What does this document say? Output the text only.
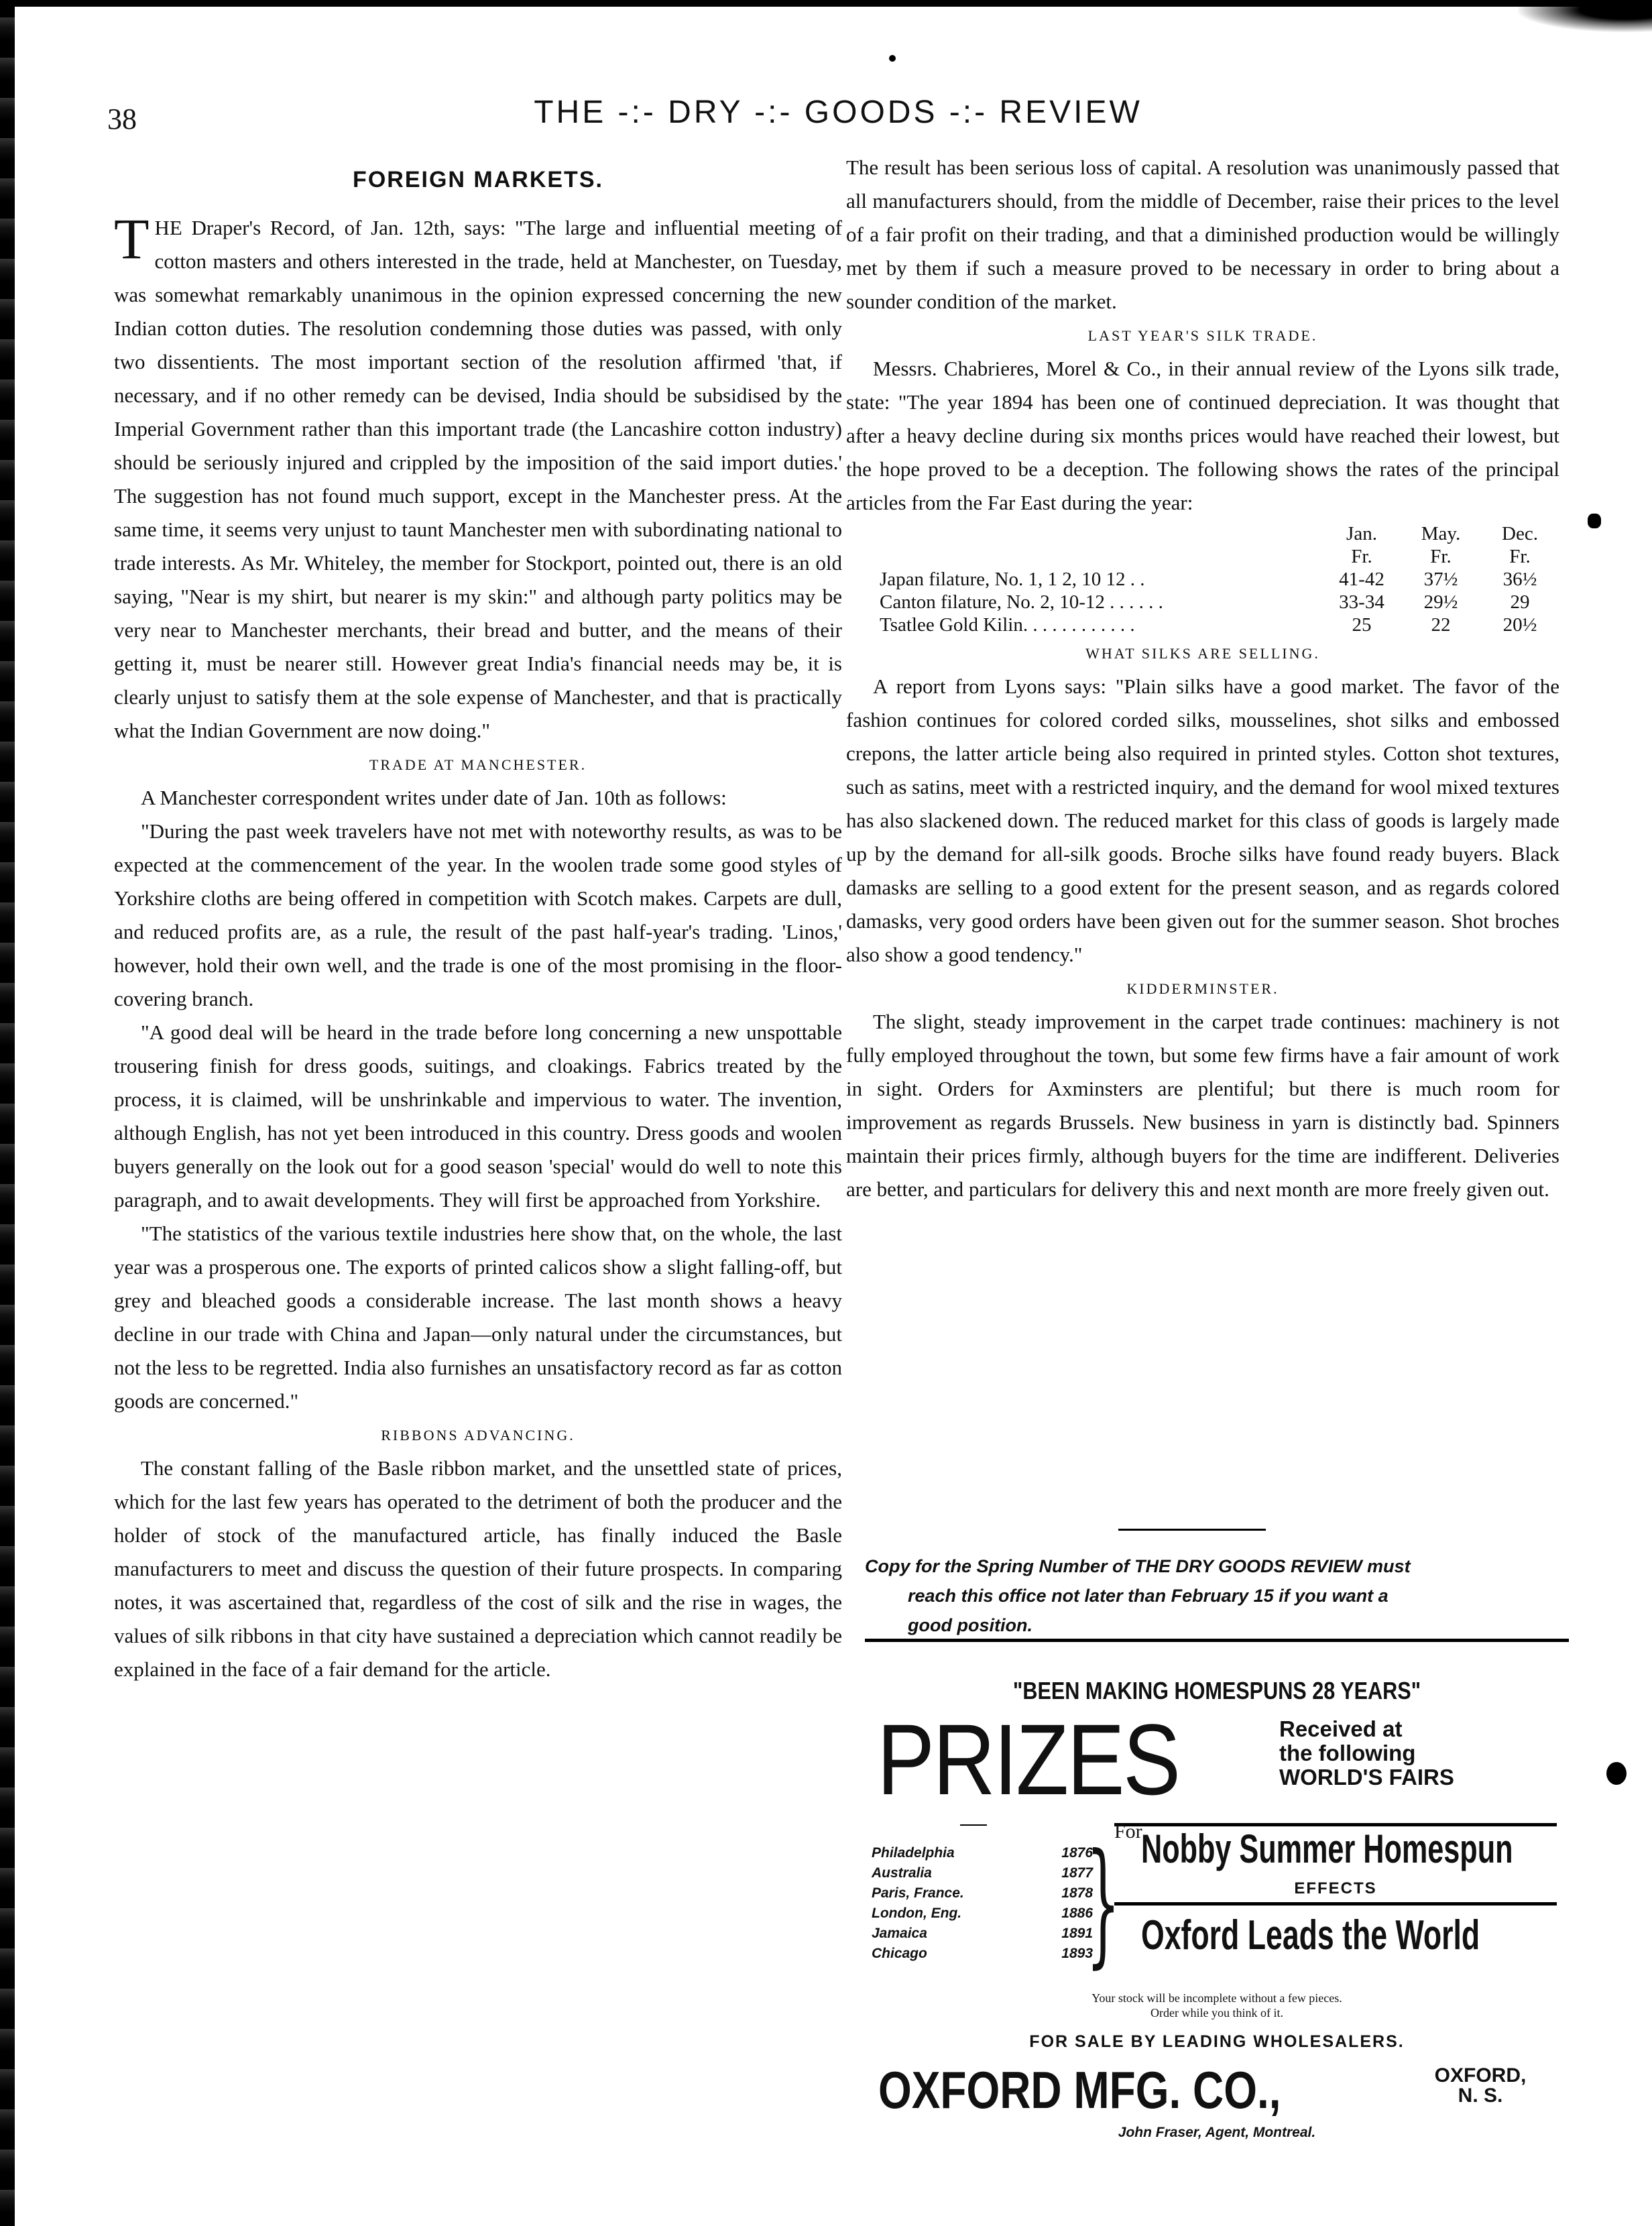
38	THE -:- DRY -:- GOODS -:- REVIEW
FOREIGN MARKETS.
T HE Draper's Record, of Jan. 12th, says: "The large and influential meeting of cotton masters and others interested in the trade, held at Manchester, on Tuesday, was somewhat remarkably unanimous in the opinion expressed concerning the new Indian cotton duties. The resolution condemning those duties was passed, with only two dissentients. The most important section of the resolution affirmed 'that, if necessary, and if no other remedy can be devised, India should be subsidised by the Imperial Government rather than this important trade (the Lancashire cotton industry) should be seriously injured and crippled by the imposition of the said import duties.' The suggestion has not found much support, except in the Manchester press. At the same time, it seems very unjust to taunt Manchester men with subordinating national to trade interests. As Mr. Whiteley, the member for Stockport, pointed out, there is an old saying, "Near is my shirt, but nearer is my skin:" and although party politics may be very near to Manchester merchants, their bread and butter, and the means of their getting it, must be nearer still. However great India's financial needs may be, it is clearly unjust to satisfy them at the sole expense of Manchester, and that is practically what the Indian Government are now doing."

TRADE AT MANCHESTER.

A Manchester correspondent writes under date of Jan. 10th as follows:

"During the past week travelers have not met with noteworthy results, as was to be expected at the commencement of the year. In the woolen trade some good styles of Yorkshire cloths are being offered in competition with Scotch makes. Carpets are dull, and reduced profits are, as a rule, the result of the past half-year's trading. 'Linos,' however, hold their own well, and the trade is one of the most promising in the floor-covering branch.

"A good deal will be heard in the trade before long concerning a new unspottable trousering finish for dress goods, suitings, and cloakings. Fabrics treated by the process, it is claimed, will be unshrinkable and impervious to water. The invention, although English, has not yet been introduced in this country. Dress goods and woolen buyers generally on the look out for a good season 'special' would do well to note this paragraph, and to await developments. They will first be approached from Yorkshire.

"The statistics of the various textile industries here show that, on the whole, the last year was a prosperous one. The exports of printed calicos show a slight falling-off, but grey and bleached goods a considerable increase. The last month shows a heavy decline in our trade with China and Japan—only natural under the circumstances, but not the less to be regretted. India also furnishes an unsatisfactory record as far as cotton goods are concerned."

RIBBONS ADVANCING.

The constant falling of the Basle ribbon market, and the unsettled state of prices, which for the last few years has operated to the detriment of both the producer and the holder of stock of the manufactured article, has finally induced the Basle manufacturers to meet and discuss the question of their future prospects. In comparing notes, it was ascertained that, regardless of the cost of silk and the rise in wages, the values of silk ribbons in that city have sustained a depreciation which cannot readily be explained in the face of a fair demand for the article.

The result has been serious loss of capital. A resolution was unanimously passed that all manufacturers should, from the middle of December, raise their prices to the level of a fair profit on their trading, and that a diminished production would be willingly met by them if such a measure proved to be necessary in order to bring about a sounder condition of the market.

LAST YEAR'S SILK TRADE.

Messrs. Chabrieres, Morel & Co., in their annual review of the Lyons silk trade, state: "The year 1894 has been one of continued depreciation. It was thought that after a heavy decline during six months prices would have reached their lowest, but the hope proved to be a deception. The following shows the rates of the principal articles from the Far East during the year:

	Jan.	May.	Dec.
	Fr.	Fr.	Fr.
Japan filature, No. 1, 1 2, 10 12 . .	41-42	37½	36½
Canton filature, No. 2, 10-12 . . . . . .	33-34	29½	29
Tsatlee Gold Kilin. . . . . . . . . . . .	25	22	20½
WHAT SILKS ARE SELLING.

A report from Lyons says: "Plain silks have a good market. The favor of the fashion continues for colored corded silks, mousselines, shot silks and embossed crepons, the latter article being also required in printed styles. Cotton shot textures, such as satins, meet with a restricted inquiry, and the demand for wool mixed textures has also slackened down. The reduced market for this class of goods is largely made up by the demand for all-silk goods. Broche silks have found ready buyers. Black damasks are selling to a good extent for the present season, and as regards colored damasks, very good orders have been given out for the summer season. Shot broches also show a good tendency."

KIDDERMINSTER.

The slight, steady improvement in the carpet trade continues: machinery is not fully employed throughout the town, but some few firms have a fair amount of work in sight. Orders for Axminsters are plentiful; but there is much room for improvement as regards Brussels. New business in yarn is distinctly bad. Spinners maintain their prices firmly, although buyers for the time are indifferent. Deliveries are better, and particulars for delivery this and next month are more freely given out.

Copy for the Spring Number of THE DRY GOODS REVIEW must
reach this office not later than February 15 if you want a
good position.
"BEEN MAKING HOMESPUNS 28 YEARS"
PRIZES	Received at
the following
WORLD'S FAIRS
Philadelphia	1876
Australia	1877
Paris, France.	1878
London, Eng.	1886
Jamaica	1891
Chicago	1893
}
For
Nobby Summer Homespun
EFFECTS
Oxford Leads the World
Your stock will be incomplete without a few pieces.
Order while you think of it.
FOR SALE BY LEADING WHOLESALERS.
OXFORD MFG. CO.,	OXFORD,
N. S.
John Fraser, Agent, Montreal.
